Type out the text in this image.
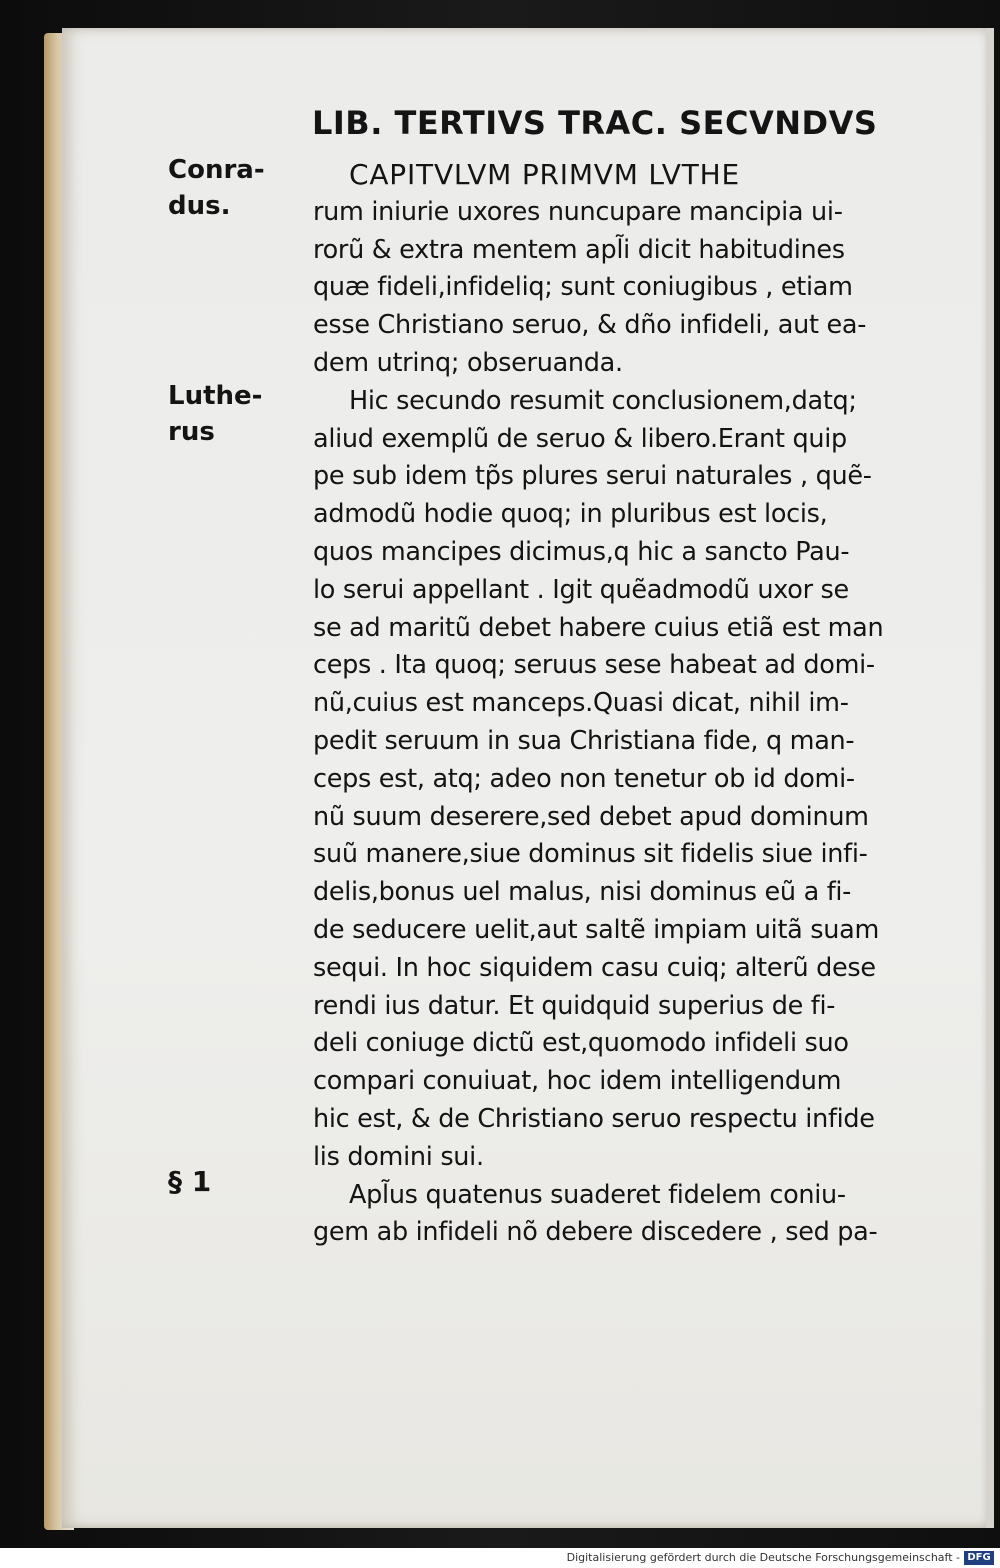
LIB. TERTIVS TRAC. SECVNDVS
Conra-
dus.
Luthe-
rus
§ 1
CAPITVLVM PRIMVM LVTHE
rum iniurie uxores nuncupare mancipia ui-
rorũ & extra mentem apl̃i dicit habitudines
quæ fideli,infideliq; sunt coniugibus , etiam
esse Christiano seruo, & dño infideli, aut ea-
dem utrinq; obseruanda.
Hic secundo resumit conclusionem,datq;
aliud exemplũ de seruo & libero.Erant quip
pe sub idem tp̃s plures serui naturales , quẽ-
admodũ hodie quoq; in pluribus est locis,
quos mancipes dicimus,q hic a sancto Pau-
lo serui appellant . Igit quẽadmodũ uxor se
se ad maritũ debet habere cuius etiã est man
ceps . Ita quoq; seruus sese habeat ad domi-
nũ,cuius est manceps.Quasi dicat, nihil im-
pedit seruum in sua Christiana fide, q man-
ceps est, atq; adeo non tenetur ob id domi-
nũ suum deserere,sed debet apud dominum
suũ manere,siue dominus sit fidelis siue infi-
delis,bonus uel malus, nisi dominus eũ a fi-
de seducere uelit,aut saltẽ impiam uitã suam
sequi. In hoc siquidem casu cuiq; alterũ dese
rendi ius datur. Et quidquid superius de fi-
deli coniuge dictũ est,quomodo infideli suo
compari conuiuat, hoc idem intelligendum
hic est, & de Christiano seruo respectu infide
lis domini sui.
Apl̃us quatenus suaderet fidelem coniu-
gem ab infideli nõ debere discedere , sed pa-
Digitalisierung gefördert durch die Deutsche Forschungsgemeinschaft - DFG
